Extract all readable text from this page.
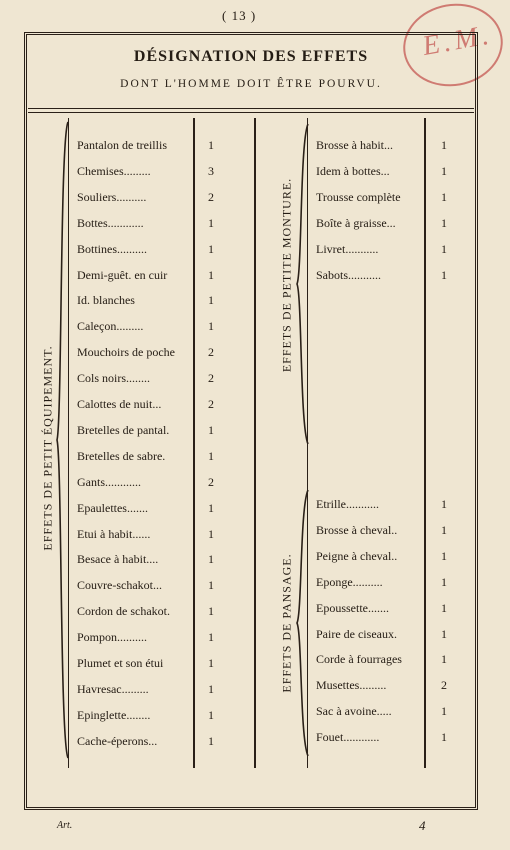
( 13 )
E.M.
DÉSIGNATION DES EFFETS
DONT L'HOMME DOIT ÊTRE POURVU.
EFFETS DE PETIT ÉQUIPEMENT.
EFFETS DE PETITE MONTURE.
EFFETS DE PANSAGE.
Pantalon de treillis	1
Chemises.........	3
Souliers..........	2
Bottes............	1
Bottines..........	1
Demi-guêt. en cuir	1
Id. blanches	1
Caleçon.........	1
Mouchoirs de poche	2
Cols noirs........	2
Calottes de nuit...	2
Bretelles de pantal.	1
Bretelles de sabre.	1
Gants............	2
Epaulettes.......	1
Etui à habit......	1
Besace à habit....	1
Couvre-schakot...	1
Cordon de schakot.	1
Pompon..........	1
Plumet et son étui	1
Havresac.........	1
Epinglette........	1
Cache-éperons...	1
Brosse à habit...	1
Idem à bottes...	1
Trousse complète	1
Boîte à graisse...	1
Livret...........	1
Sabots...........	1
Etrille...........	1
Brosse à cheval..	1
Peigne à cheval..	1
Eponge..........	1
Epoussette.......	1
Paire de ciseaux.	1
Corde à fourrages	1
Musettes.........	2
Sac à avoine.....	1
Fouet............	1
Art.	4
